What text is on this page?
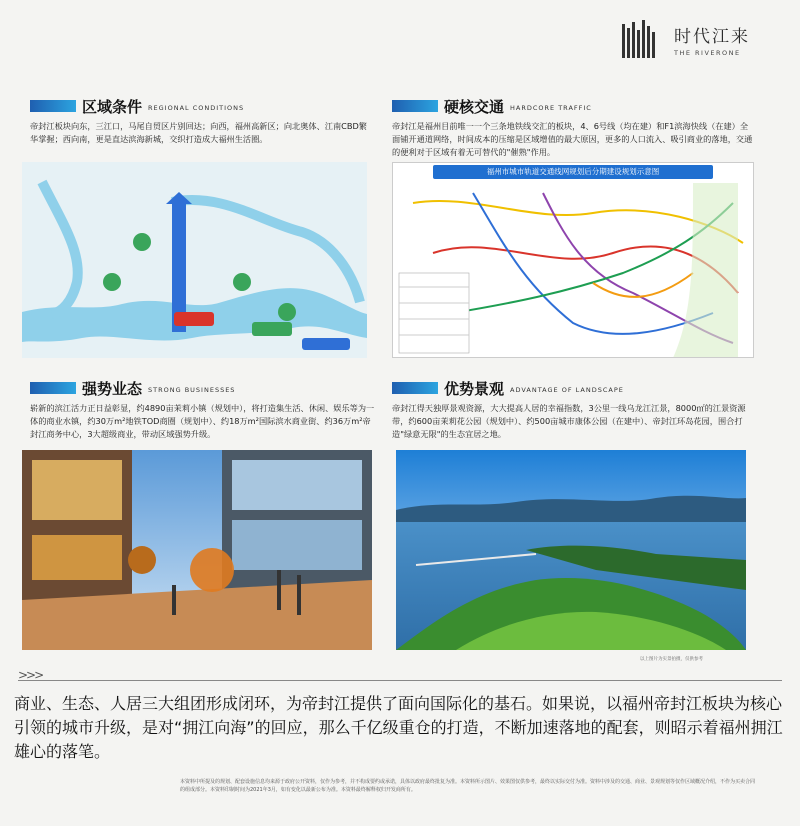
时代江来
THE RIVERONE
区域条件 REGIONAL CONDITIONS
帝封江板块向东，三江口，马尾自贸区片别回达；向西，福州高新区；向北奥体、江南CBD繁华掌握；西向南，更是直达滨海新城，交织打造成大福州生活圈。
硬核交通 HARDCORE TRAFFIC
帝封江是福州目前唯一一个三条地铁线交汇的板块，4、6号线（均在建）和F1滨海快线（在建）全面铺开通道网络，时间成本的压缩是区域增值的最大原因，更多的人口流入、吸引商业的落地，交通的便利对于区域有着无可替代的"催熟"作用。
福州市城市轨道交通线网规划后分期建设规划示意图
强势业态 STRONG BUSINESSES
崭新的滨江活力正日益彰显，约4890亩茉莉小镇（规划中），将打造集生活、休闲、娱乐等为一体的商业水镇，约30万m²地铁TOD商圈（规划中）、约18万m²国际滨水商业街、约36万m²帝封江商务中心，3大超级商业，带动区域强势升级。
优势景观 ADVANTAGE OF LANDSCAPE
帝封江得天独厚景观资源，大大提高人居的幸福指数，3公里一线乌龙江江景，8000㎡的江景资源带，约600亩茉莉花公园（规划中）、约500亩城市康体公园（在建中）、帝封江环岛花园，围合打造"绿意无限"的生态宜居之地。
以上图片为实景拍摄，仅供参考
>>>
商业、生态、人居三大组团形成闭环，为帝封江提供了面向国际化的基石。如果说，以福州帝封江板块为核心引领的城市升级，是对“拥江向海”的回应，那么千亿级重仓的打造，不断加速落地的配套，则昭示着福州拥江雄心的落笔。
本资料中所提及的规划、配套设施信息均来源于政府公开资料，仅作为参考，并不构成要约或承诺，具体以政府最终批复为准。本资料所示图片、效果图仅供参考，最终以实际交付为准。资料中涉及的交通、商业、景观规划等仅作区域概况介绍，不作为买卖合同的组成部分。本资料印制时间为2021年3月，如有变化以最新公布为准。本资料最终解释权归开发商所有。
